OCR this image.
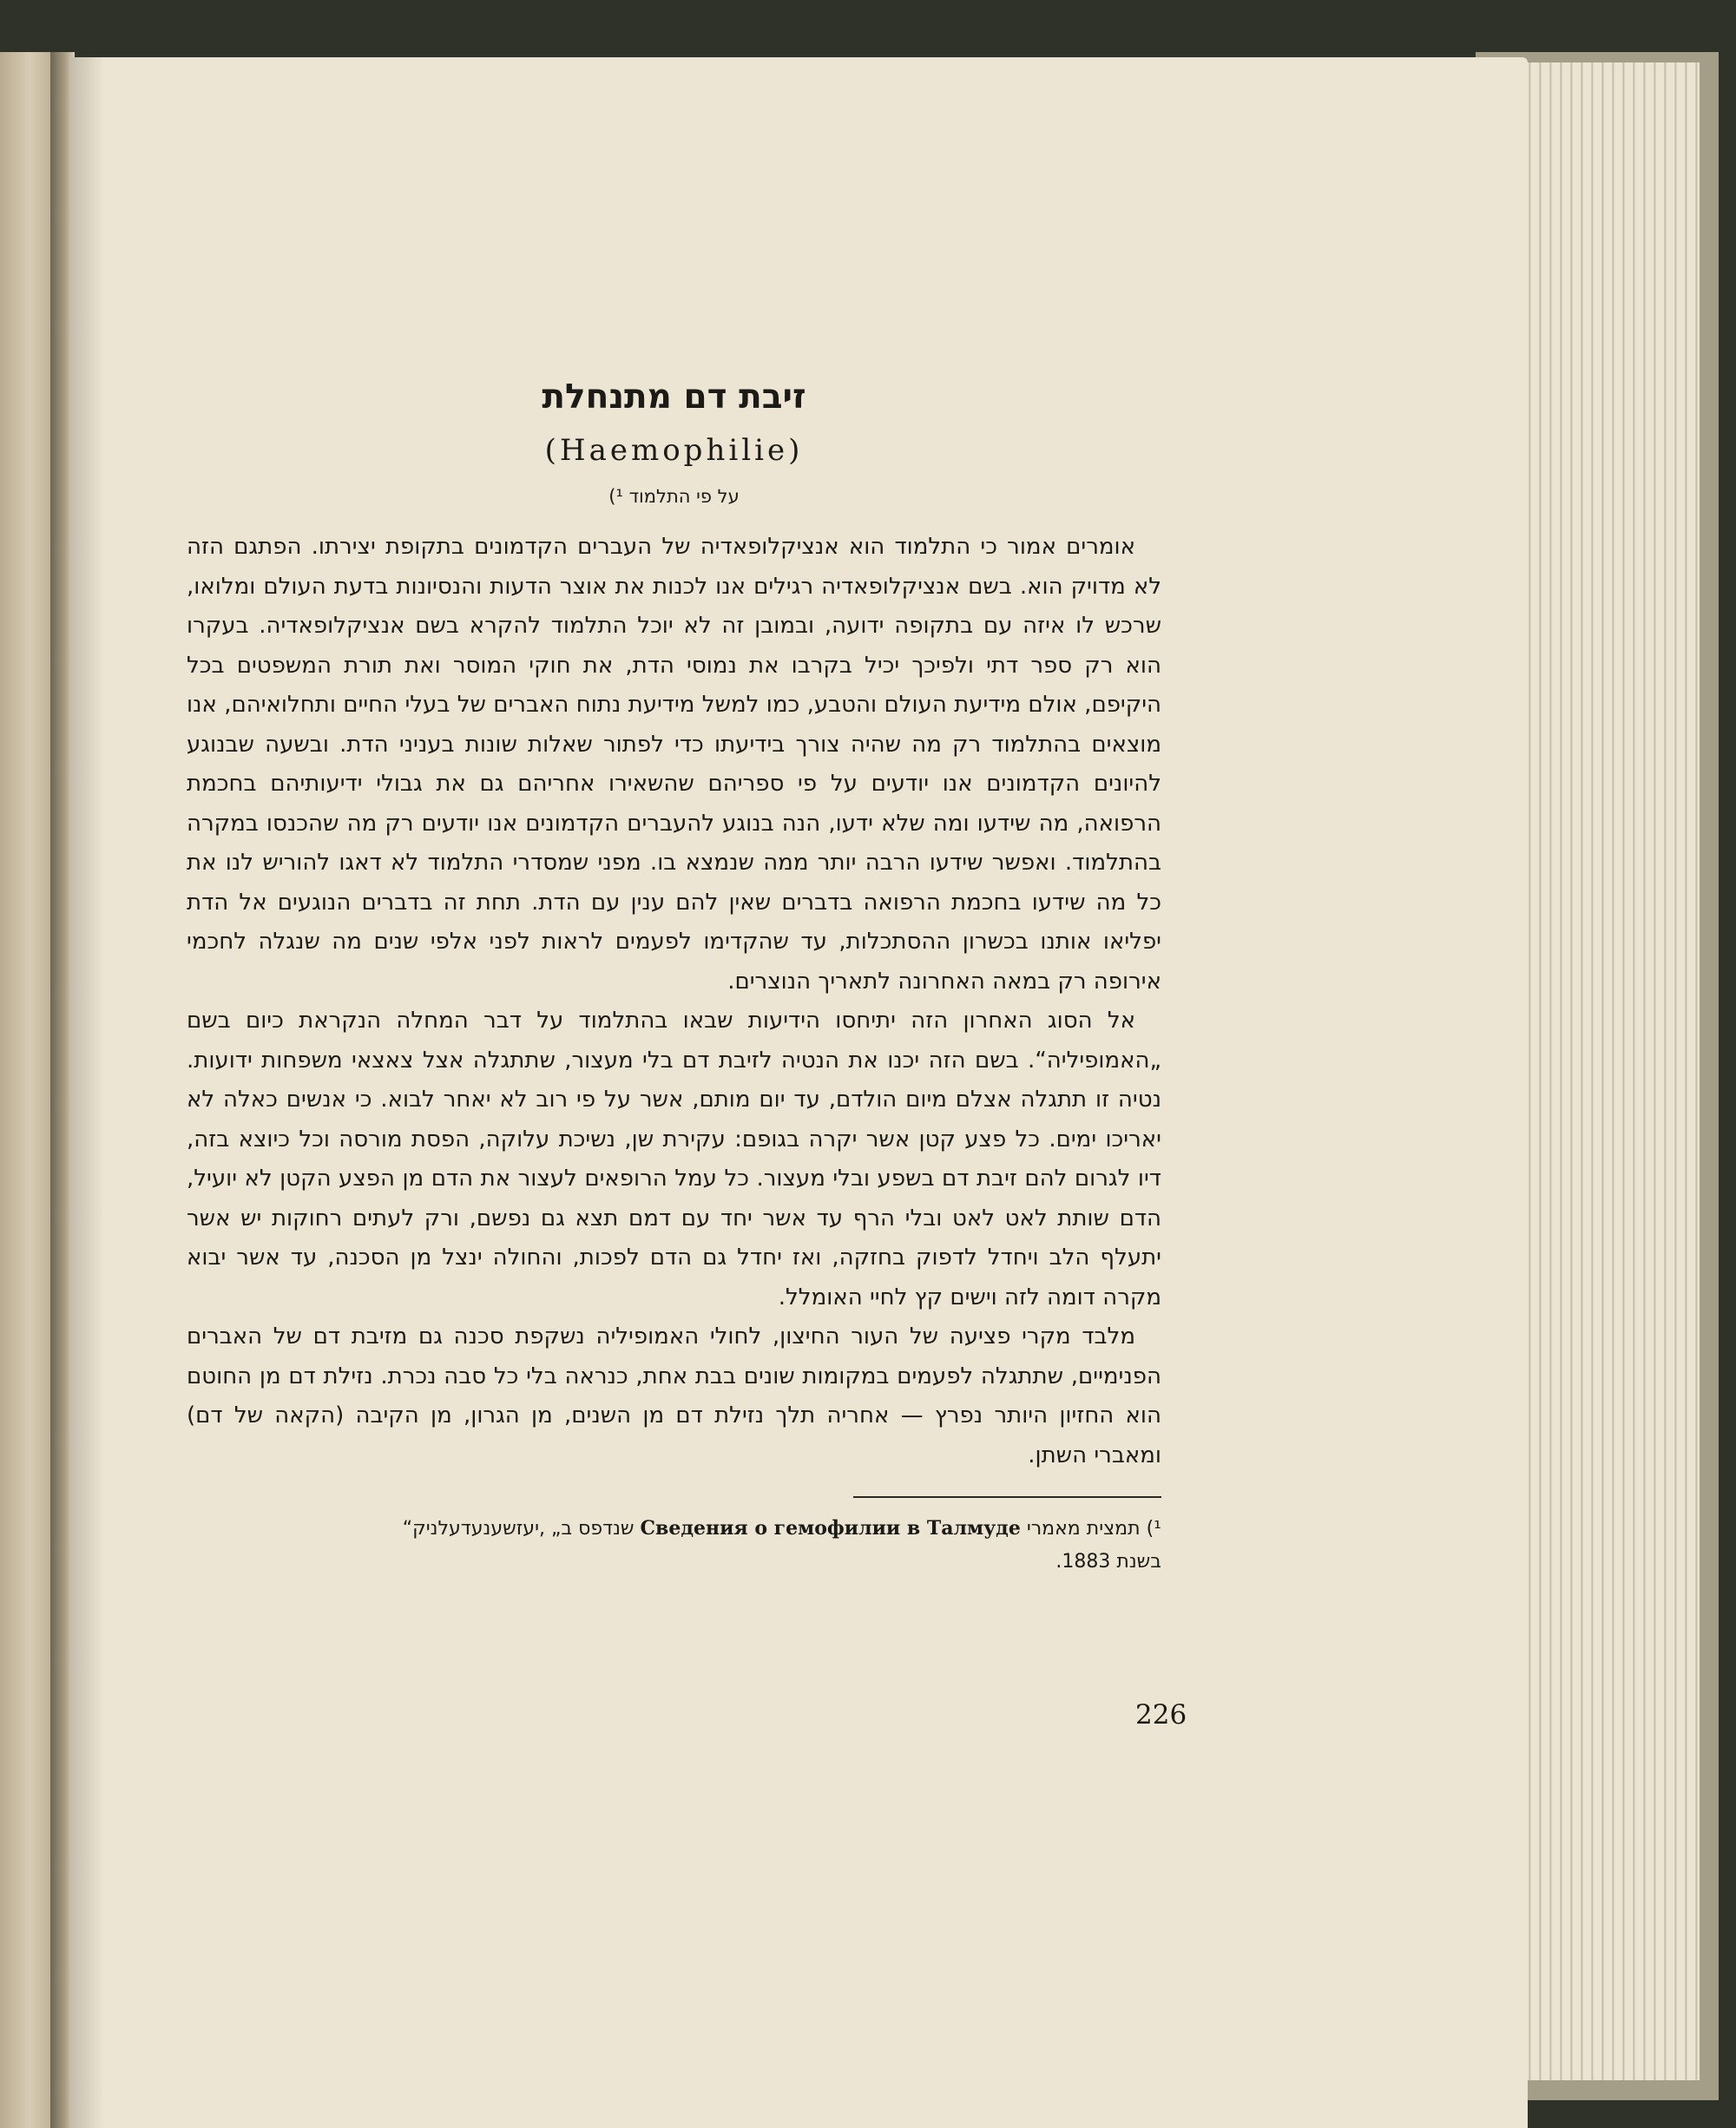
זיבת דם מתנחלת
(Haemophilie)
על פי התלמוד ¹)

אומרים אמור כי התלמוד הוא אנציקלופאדיה של העברים הקדמונים בתקופת יצירתו. הפתגם הזה לא מדויק הוא. בשם אנציקלופאדיה רגילים אנו לכנות את אוצר הדעות והנסיונות בדעת העולם ומלואו, שרכש לו איזה עם בתקופה ידועה, ובמובן זה לא יוכל התלמוד להקרא בשם אנציקלופאדיה. בעקרו הוא רק ספר דתי ולפיכך יכיל בקרבו את נמוסי הדת, את חוקי המוסר ואת תורת המשפטים בכל היקיפם, אולם מידיעת העולם והטבע, כמו למשל מידיעת נתוח האברים של בעלי החיים ותחלואיהם, אנו מוצאים בהתלמוד רק מה שהיה צורך בידיעתו כדי לפתור שאלות שונות בעניני הדת. ובשעה שבנוגע להיונים הקדמונים אנו יודעים על פי ספריהם שהשאירו אחריהם גם את גבולי ידיעותיהם בחכמת הרפואה, מה שידעו ומה שלא ידעו, הנה בנוגע להעברים הקדמונים אנו יודעים רק מה שהכנסו במקרה בהתלמוד. ואפשר שידעו הרבה יותר ממה שנמצא בו. מפני שמסדרי התלמוד לא דאגו להוריש לנו את כל מה שידעו בחכמת הרפואה בדברים שאין להם ענין עם הדת. תחת זה בדברים הנוגעים אל הדת יפליאו אותנו בכשרון ההסתכלות, עד שהקדימו לפעמים לראות לפני אלפי שנים מה שנגלה לחכמי אירופה רק במאה האחרונה לתאריך הנוצרים.

אל הסוג האחרון הזה יתיחסו הידיעות שבאו בהתלמוד על דבר המחלה הנקראת כיום בשם „האמופיליה“. בשם הזה יכנו את הנטיה לזיבת דם בלי מעצור, שתתגלה אצל צאצאי משפחות ידועות. נטיה זו תתגלה אצלם מיום הולדם, עד יום מותם, אשר על פי רוב לא יאחר לבוא. כי אנשים כאלה לא יאריכו ימים. כל פצע קטן אשר יקרה בגופם: עקירת שן, נשיכת עלוקה, הפסת מורסה וכל כיוצא בזה, דיו לגרום להם זיבת דם בשפע ובלי מעצור. כל עמל הרופאים לעצור את הדם מן הפצע הקטן לא יועיל, הדם שותת לאט לאט ובלי הרף עד אשר יחד עם דמם תצא גם נפשם, ורק לעתים רחוקות יש אשר יתעלף הלב ויחדל לדפוק בחזקה, ואז יחדל גם הדם לפכות, והחולה ינצל מן הסכנה, עד אשר יבוא מקרה דומה לזה וישים קץ לחיי האומלל.

מלבד מקרי פציעה של העור החיצון, לחולי האמופיליה נשקפת סכנה גם מזיבת דם של האברים הפנימיים, שתתגלה לפעמים במקומות שונים בבת אחת, כנראה בלי כל סבה נכרת. נזילת דם מן החוטם הוא החזיון היותר נפרץ — אחריה תלך נזילת דם מן השנים, מן הגרון, מן הקיבה (הקאה של דם) ומאברי השתן.

¹) תמצית מאמרי Сведения о гемофилии в Талмуде שנדפס ב„ ,יעזשענעדעלניק“
בשנת 1883.
226
